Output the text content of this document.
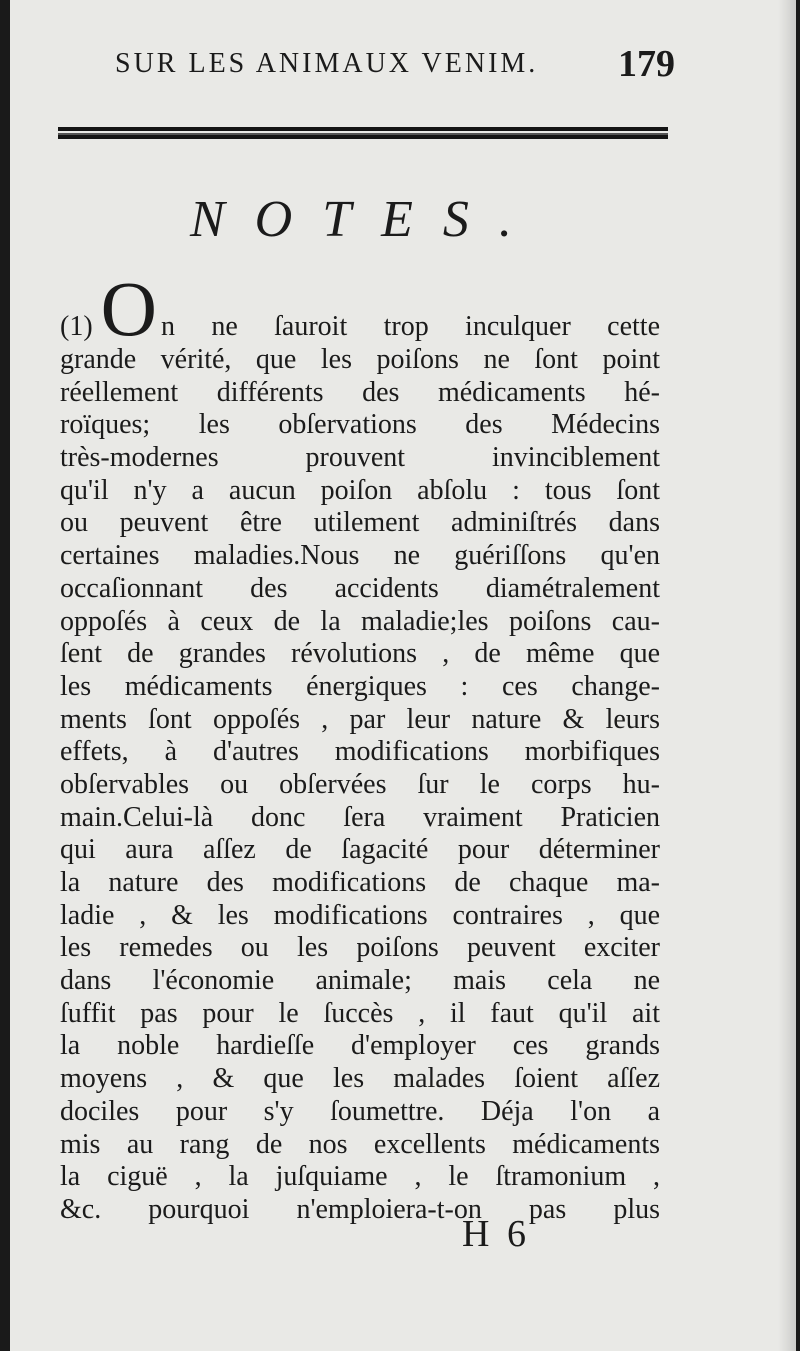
SUR LES ANIMAUX VENIM. 179
NOTES.
(1) O n ne ſauroit trop inculquer cette
grande vérité, que les poiſons ne ſont point
réellement différents des médicaments hé-
roïques; les obſervations des Médecins
très-modernes prouvent invinciblement
qu'il n'y a aucun poiſon abſolu : tous ſont
ou peuvent être utilement adminiſtrés dans
certaines maladies.Nous ne guériſſons qu'en
occaſionnant des accidents diamétralement
oppoſés à ceux de la maladie;les poiſons cau-
ſent de grandes révolutions , de même que
les médicaments énergiques : ces change-
ments ſont oppoſés , par leur nature & leurs
effets, à d'autres modifications morbifiques
obſervables ou obſervées ſur le corps hu-
main.Celui-là donc ſera vraiment Praticien
qui aura aſſez de ſagacité pour déterminer
la nature des modifications de chaque ma-
ladie , & les modifications contraires , que
les remedes ou les poiſons peuvent exciter
dans l'économie animale; mais cela ne
ſuffit pas pour le ſuccès , il faut qu'il ait
la noble hardieſſe d'employer ces grands
moyens , & que les malades ſoient aſſez
dociles pour s'y ſoumettre. Déja l'on a
mis au rang de nos excellents médicaments
la ciguë , la juſquiame , le ſtramonium ,
&c. pourquoi n'emploiera-t-on pas plus
H 6
